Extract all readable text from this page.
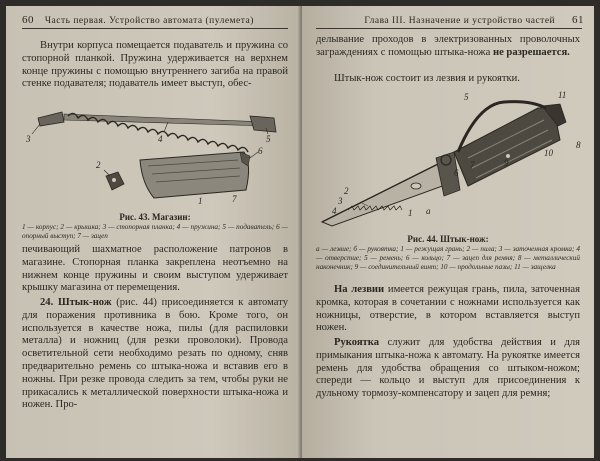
60 Часть первая. Устройство автомата (пулемета)
Внутри корпуса помещается подаватель и пружина со стопорной планкой. Пружина удерживается на верхнем конце пружины с помощью внутреннего загиба на правой стенке подавателя; подаватель имеет выступ, обес-
3	4	5
2
6
1	7
Рис. 43. Магазин:
1 — корпус; 2 — крышка; 3 — стопорная планка; 4 — пружина; 5 — подаватель; 6 — опорный выступ; 7 — зацеп
печивающий шахматное расположение патронов в магазине. Стопорная планка закреплена неотъемно на нижнем конце пружины и своим выступом удерживает крышку магазина от перемещения.
24. Штык-нож (рис. 44) присоединяется к автомату для поражения противника в бою. Кроме того, он используется в качестве ножа, пилы (для распиловки металла) и ножниц (для резки проволоки). Провода осветительной сети необходимо резать по одному, сняв предварительно ремень со штыка-ножа и вставив его в ножны. При резке провода следить за тем, чтобы руки не прикасались к металлической поверхности штыка-ножа и ножен. Про-
Глава III. Назначение и устройство частей 61
делывание проходов в электризованных проволочных заграждениях с помощью штыка-ножа не разрешается.
Штык-нож состоит из лезвия и рукоятки.
2
3
4	1 a
5	11
8
10
9
7
6
Рис. 44. Штык-нож:
а — лезвие; б — рукоятка; 1 — режущая грань; 2 — пила; 3 — заточенная кромка; 4 — отверстие; 5 — ремень; 6 — кольцо; 7 — зацеп для ремня; 8 — металлический наконечник; 9 — соединительный винт; 10 — продольные пазы; 11 — защелка
На лезвии имеется режущая грань, пила, заточенная кромка, которая в сочетании с ножнами используется как ножницы, отверстие, в котором вставляется выступ ножен.
Рукоятка служит для удобства действия и для примыкания штыка-ножа к автомату. На рукоятке имеется ремень для удобства обращения со штыком-ножом; спереди — кольцо и выступ для присоединения к дульному тормозу-компенсатору и зацеп для ремня;
